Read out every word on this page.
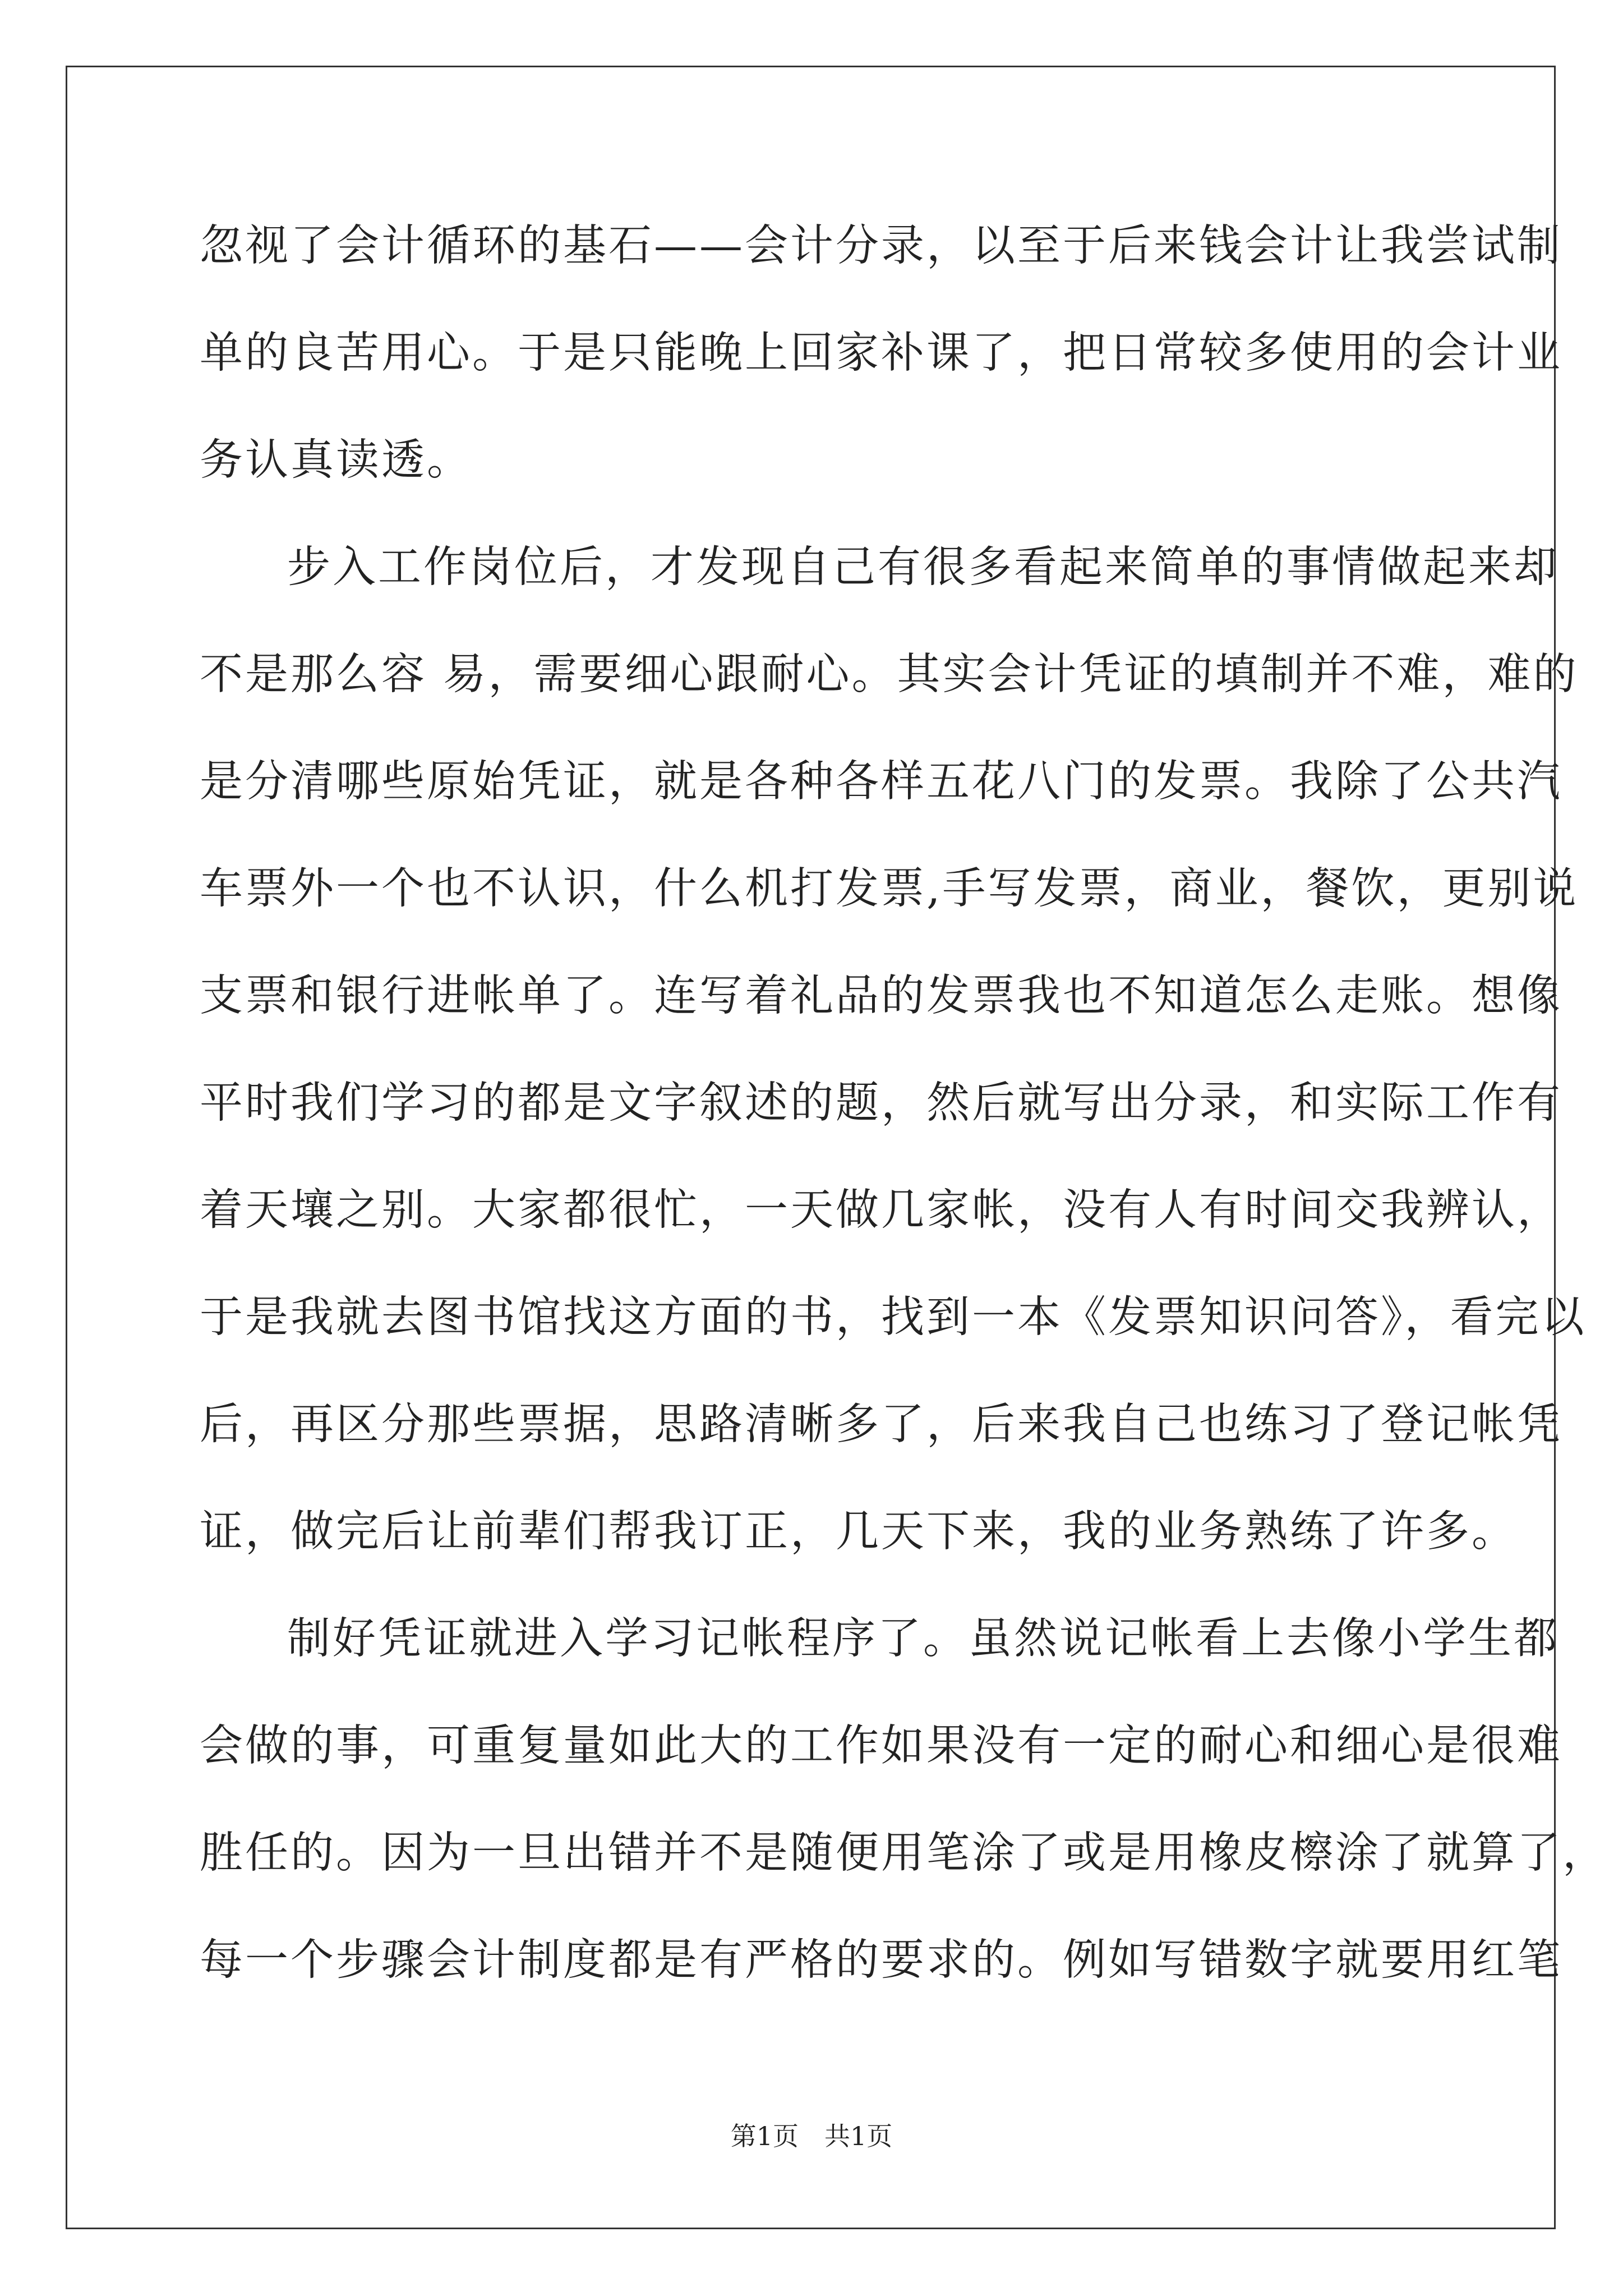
忽视了会计循环的基石——会计分录，以至于后来钱会计让我尝试制
单的良苦用心。于是只能晚上回家补课了，把日常较多使用的会计业
务认真读透。
步入工作岗位后，才发现自己有很多看起来简单的事情做起来却
不是那么容 易，需要细心跟耐心。其实会计凭证的填制并不难，难的
是分清哪些原始凭证，就是各种各样五花八门的发票。我除了公共汽
车票外一个也不认识，什么机打发票,手写发票，商业，餐饮，更别说
支票和银行进帐单了。连写着礼品的发票我也不知道怎么走账。想像
平时我们学习的都是文字叙述的题，然后就写出分录，和实际工作有
着天壤之别。大家都很忙，一天做几家帐，没有人有时间交我辨认，
于是我就去图书馆找这方面的书，找到一本《发票知识问答》，看完以
后，再区分那些票据，思路清晰多了，后来我自己也练习了登记帐凭
证，做完后让前辈们帮我订正，几天下来，我的业务熟练了许多。
制好凭证就进入学习记帐程序了。虽然说记帐看上去像小学生都
会做的事，可重复量如此大的工作如果没有一定的耐心和细心是很难
胜任的。因为一旦出错并不是随便用笔涂了或是用橡皮檫涂了就算了，
每一个步骤会计制度都是有严格的要求的。例如写错数字就要用红笔
第1页　共1页
